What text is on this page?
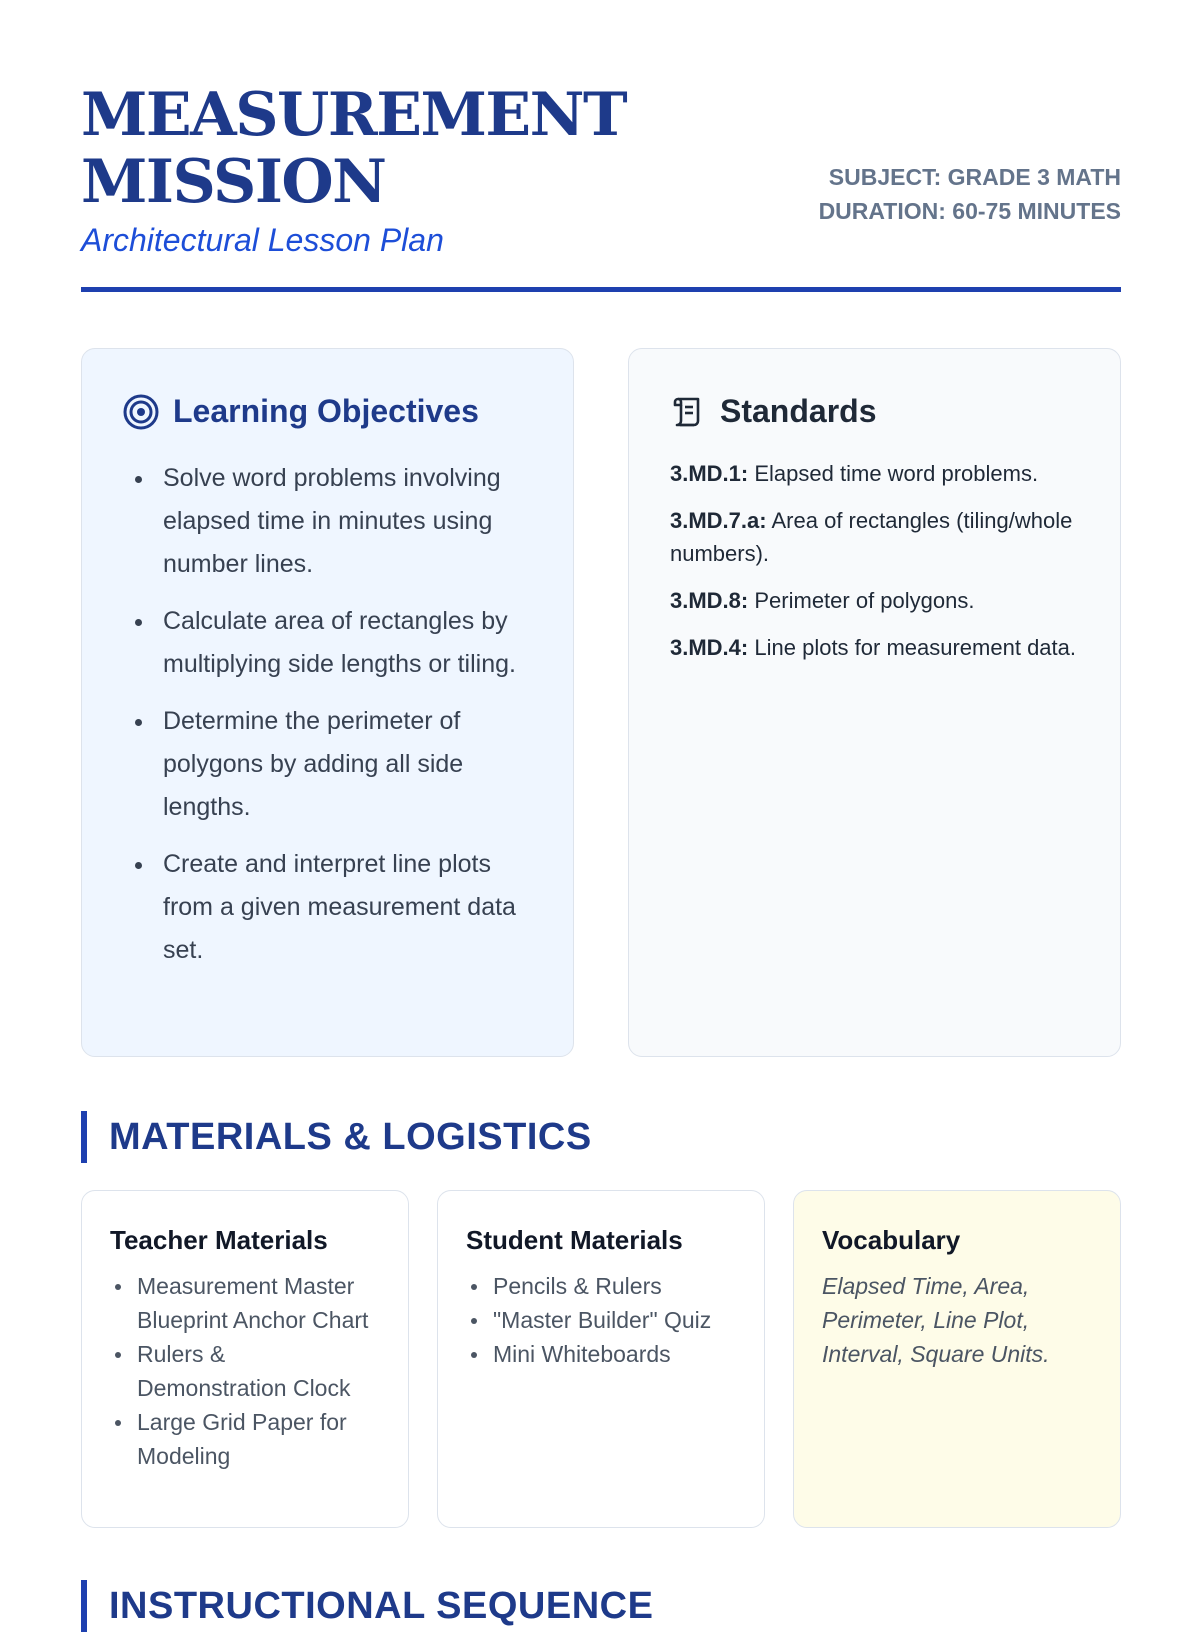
MEASUREMENT MISSION
Architectural Lesson Plan
SUBJECT: GRADE 3 MATH
DURATION: 60-75 MINUTES
Learning Objectives
Solve word problems involving elapsed time in minutes using number lines.
Calculate area of rectangles by multiplying side lengths or tiling.
Determine the perimeter of polygons by adding all side lengths.
Create and interpret line plots from a given measurement data set.
Standards
3.MD.1: Elapsed time word problems.
3.MD.7.a: Area of rectangles (tiling/whole numbers).
3.MD.8: Perimeter of polygons.
3.MD.4: Line plots for measurement data.
MATERIALS & LOGISTICS
Teacher Materials
Measurement Master Blueprint Anchor Chart
Rulers & Demonstration Clock
Large Grid Paper for Modeling
Student Materials
Pencils & Rulers
"Master Builder" Quiz
Mini Whiteboards
Vocabulary
Elapsed Time, Area, Perimeter, Line Plot, Interval, Square Units.
INSTRUCTIONAL SEQUENCE
